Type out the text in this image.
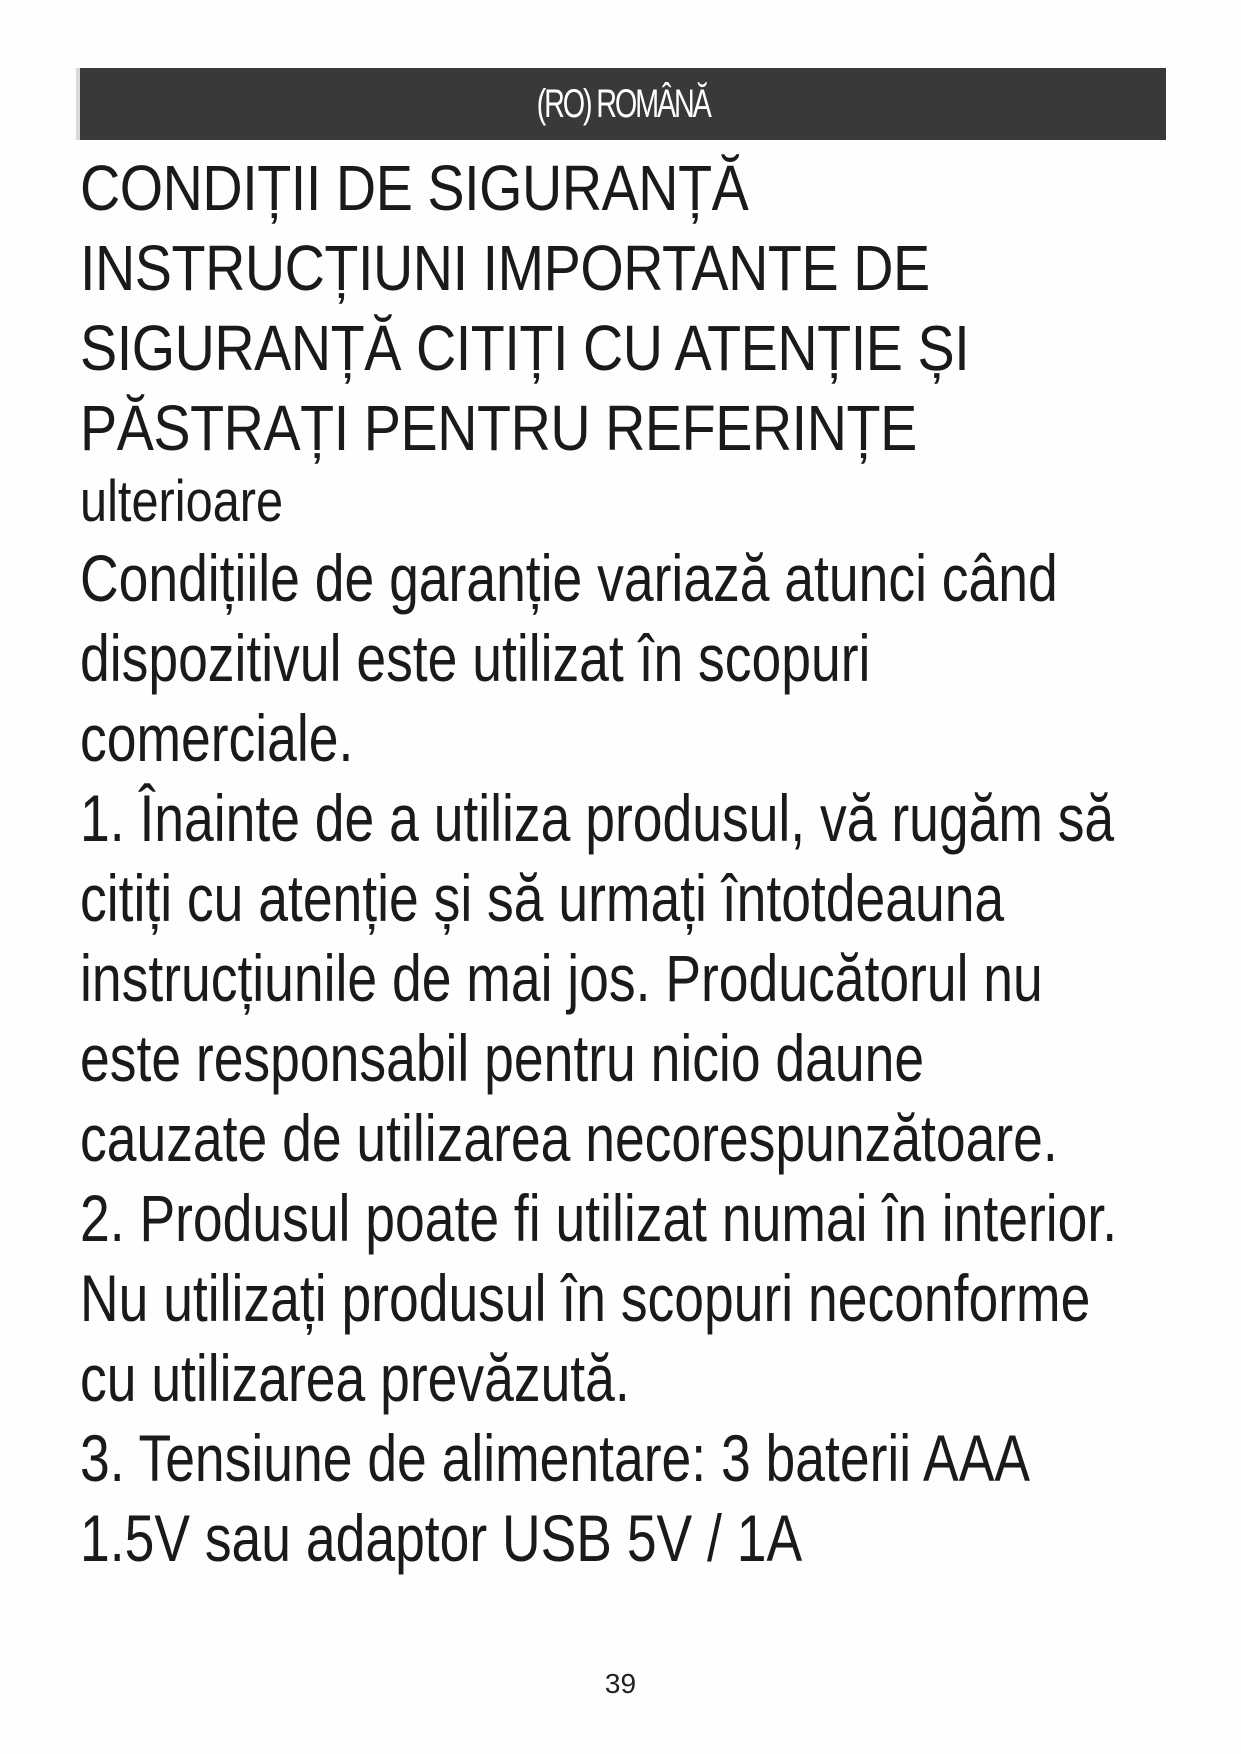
(RO) ROMÂNĂ
CONDIȚII DE SIGURANȚĂ INSTRUCȚIUNI IMPORTANTE DE SIGURANȚĂ CITIȚI CU ATENȚIE ȘI PĂSTRAȚI PENTRU REFERINȚE
ulterioare

Condițiile de garanție variază atunci când dispozitivul este utilizat în scopuri comerciale.

1. Înainte de a utiliza produsul, vă rugăm să citiți cu atenție și să urmați întotdeauna instrucțiunile de mai jos. Producătorul nu este responsabil pentru nicio daune cauzate de utilizarea necorespunzătoare.

2. Produsul poate fi utilizat numai în interior. Nu utilizați produsul în scopuri neconforme cu utilizarea prevăzută.

3. Tensiune de alimentare: 3 baterii AAA 1.5V sau adaptor USB 5V / 1A

39
